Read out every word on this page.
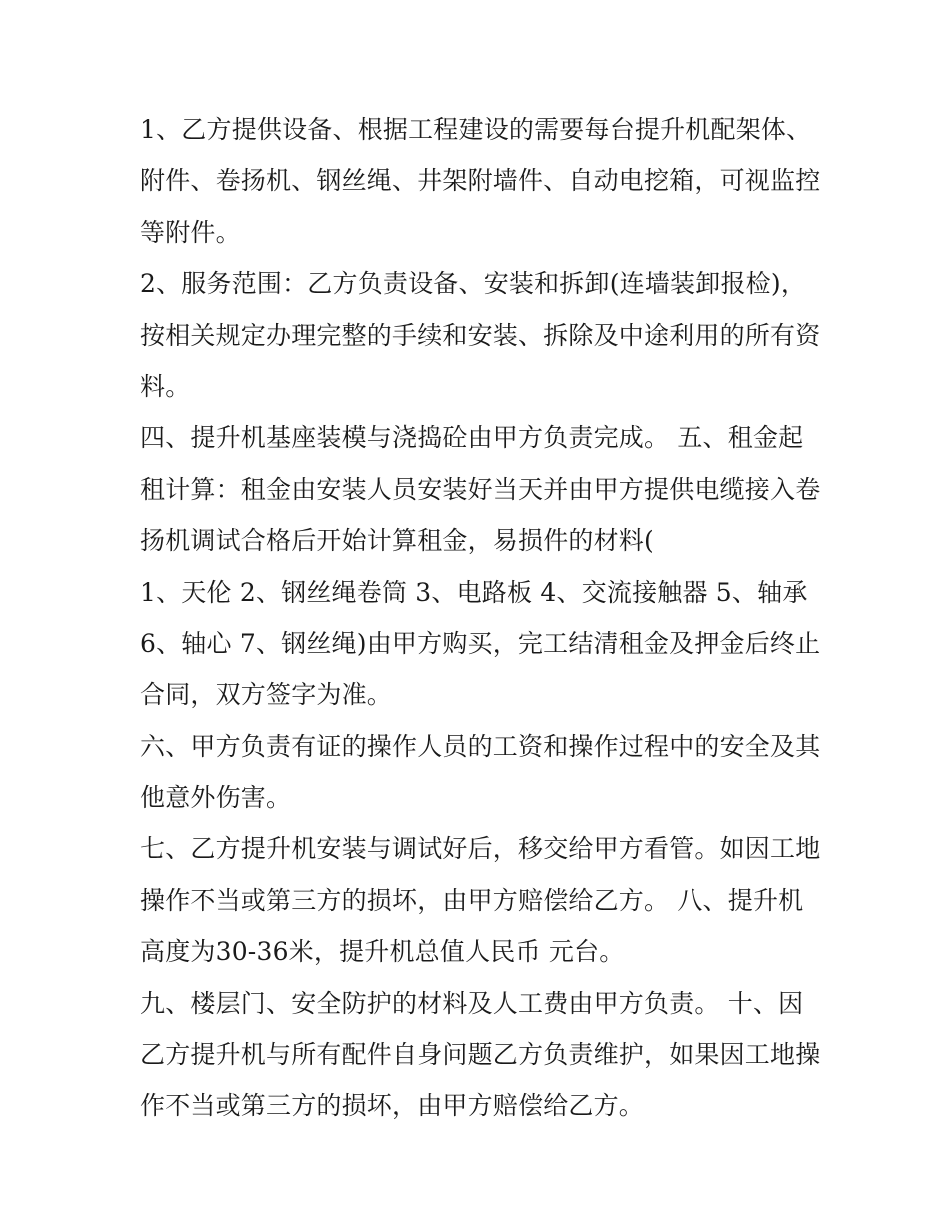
1、乙方提供设备、根据工程建设的需要每台提升机配架体、
附件、卷扬机、钢丝绳、井架附墙件、自动电挖箱，可视监控
等附件。
2、服务范围：乙方负责设备、安装和拆卸(连墙装卸报检)，
按相关规定办理完整的手续和安装、拆除及中途利用的所有资
料。
四、提升机基座装模与浇捣砼由甲方负责完成。 五、租金起
租计算：租金由安装人员安装好当天并由甲方提供电缆接入卷
扬机调试合格后开始计算租金，易损件的材料(
1、天伦 2、钢丝绳卷筒 3、电路板 4、交流接触器 5、轴承
6、轴心 7、钢丝绳)由甲方购买，完工结清租金及押金后终止
合同，双方签字为准。
六、甲方负责有证的操作人员的工资和操作过程中的安全及其
他意外伤害。
七、乙方提升机安装与调试好后，移交给甲方看管。如因工地
操作不当或第三方的损坏，由甲方赔偿给乙方。 八、提升机
高度为30-36米，提升机总值人民币 元台。
九、楼层门、安全防护的材料及人工费由甲方负责。 十、因
乙方提升机与所有配件自身问题乙方负责维护，如果因工地操
作不当或第三方的损坏，由甲方赔偿给乙方。
